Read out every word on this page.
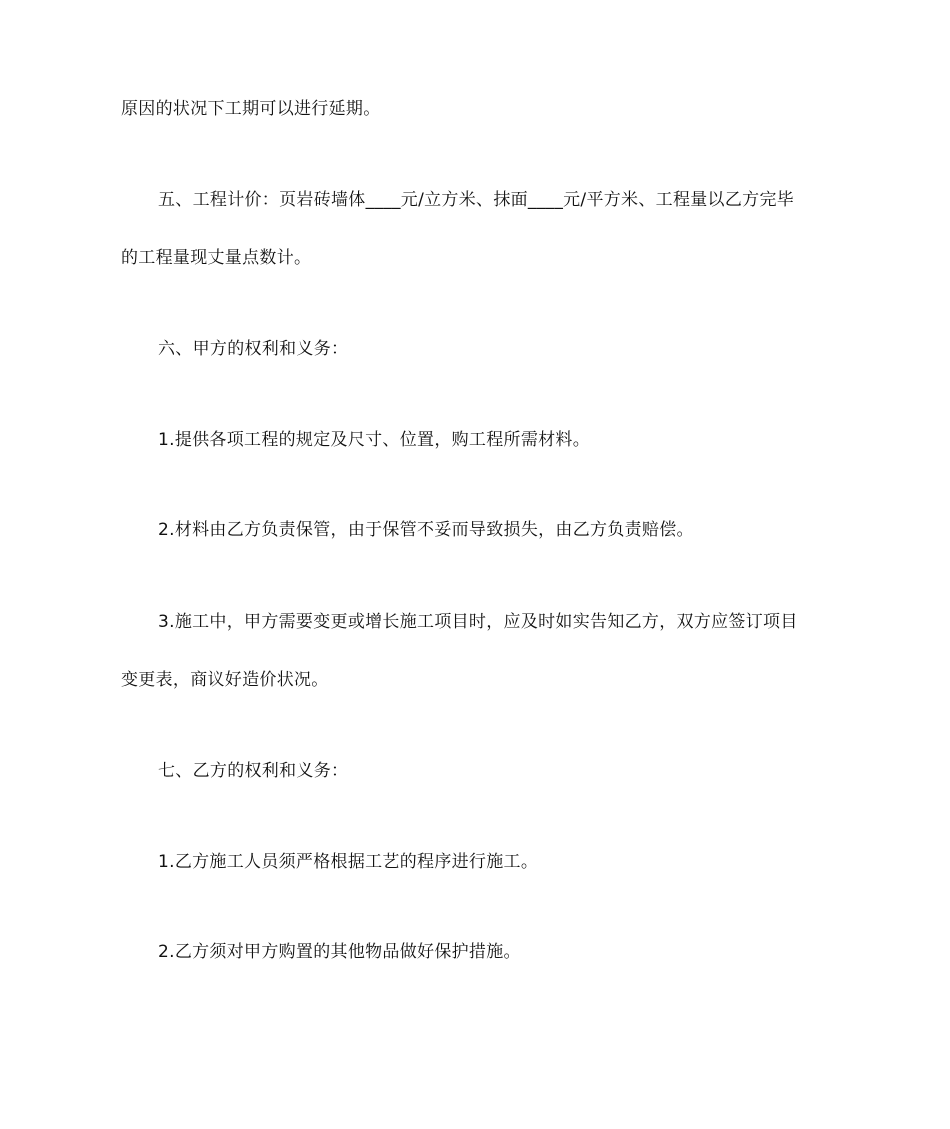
原因的状况下工期可以进行延期。
五、工程计价：页岩砖墙体____元/立方米、抹面____元/平方米、工程量以乙方完毕
的工程量现丈量点数计。
六、甲方的权利和义务：
1.提供各项工程的规定及尺寸、位置，购工程所需材料。
2.材料由乙方负责保管，由于保管不妥而导致损失，由乙方负责赔偿。
3.施工中，甲方需要变更或增长施工项目时，应及时如实告知乙方，双方应签订项目
变更表，商议好造价状况。
七、乙方的权利和义务：
1.乙方施工人员须严格根据工艺的程序进行施工。
2.乙方须对甲方购置的其他物品做好保护措施。
